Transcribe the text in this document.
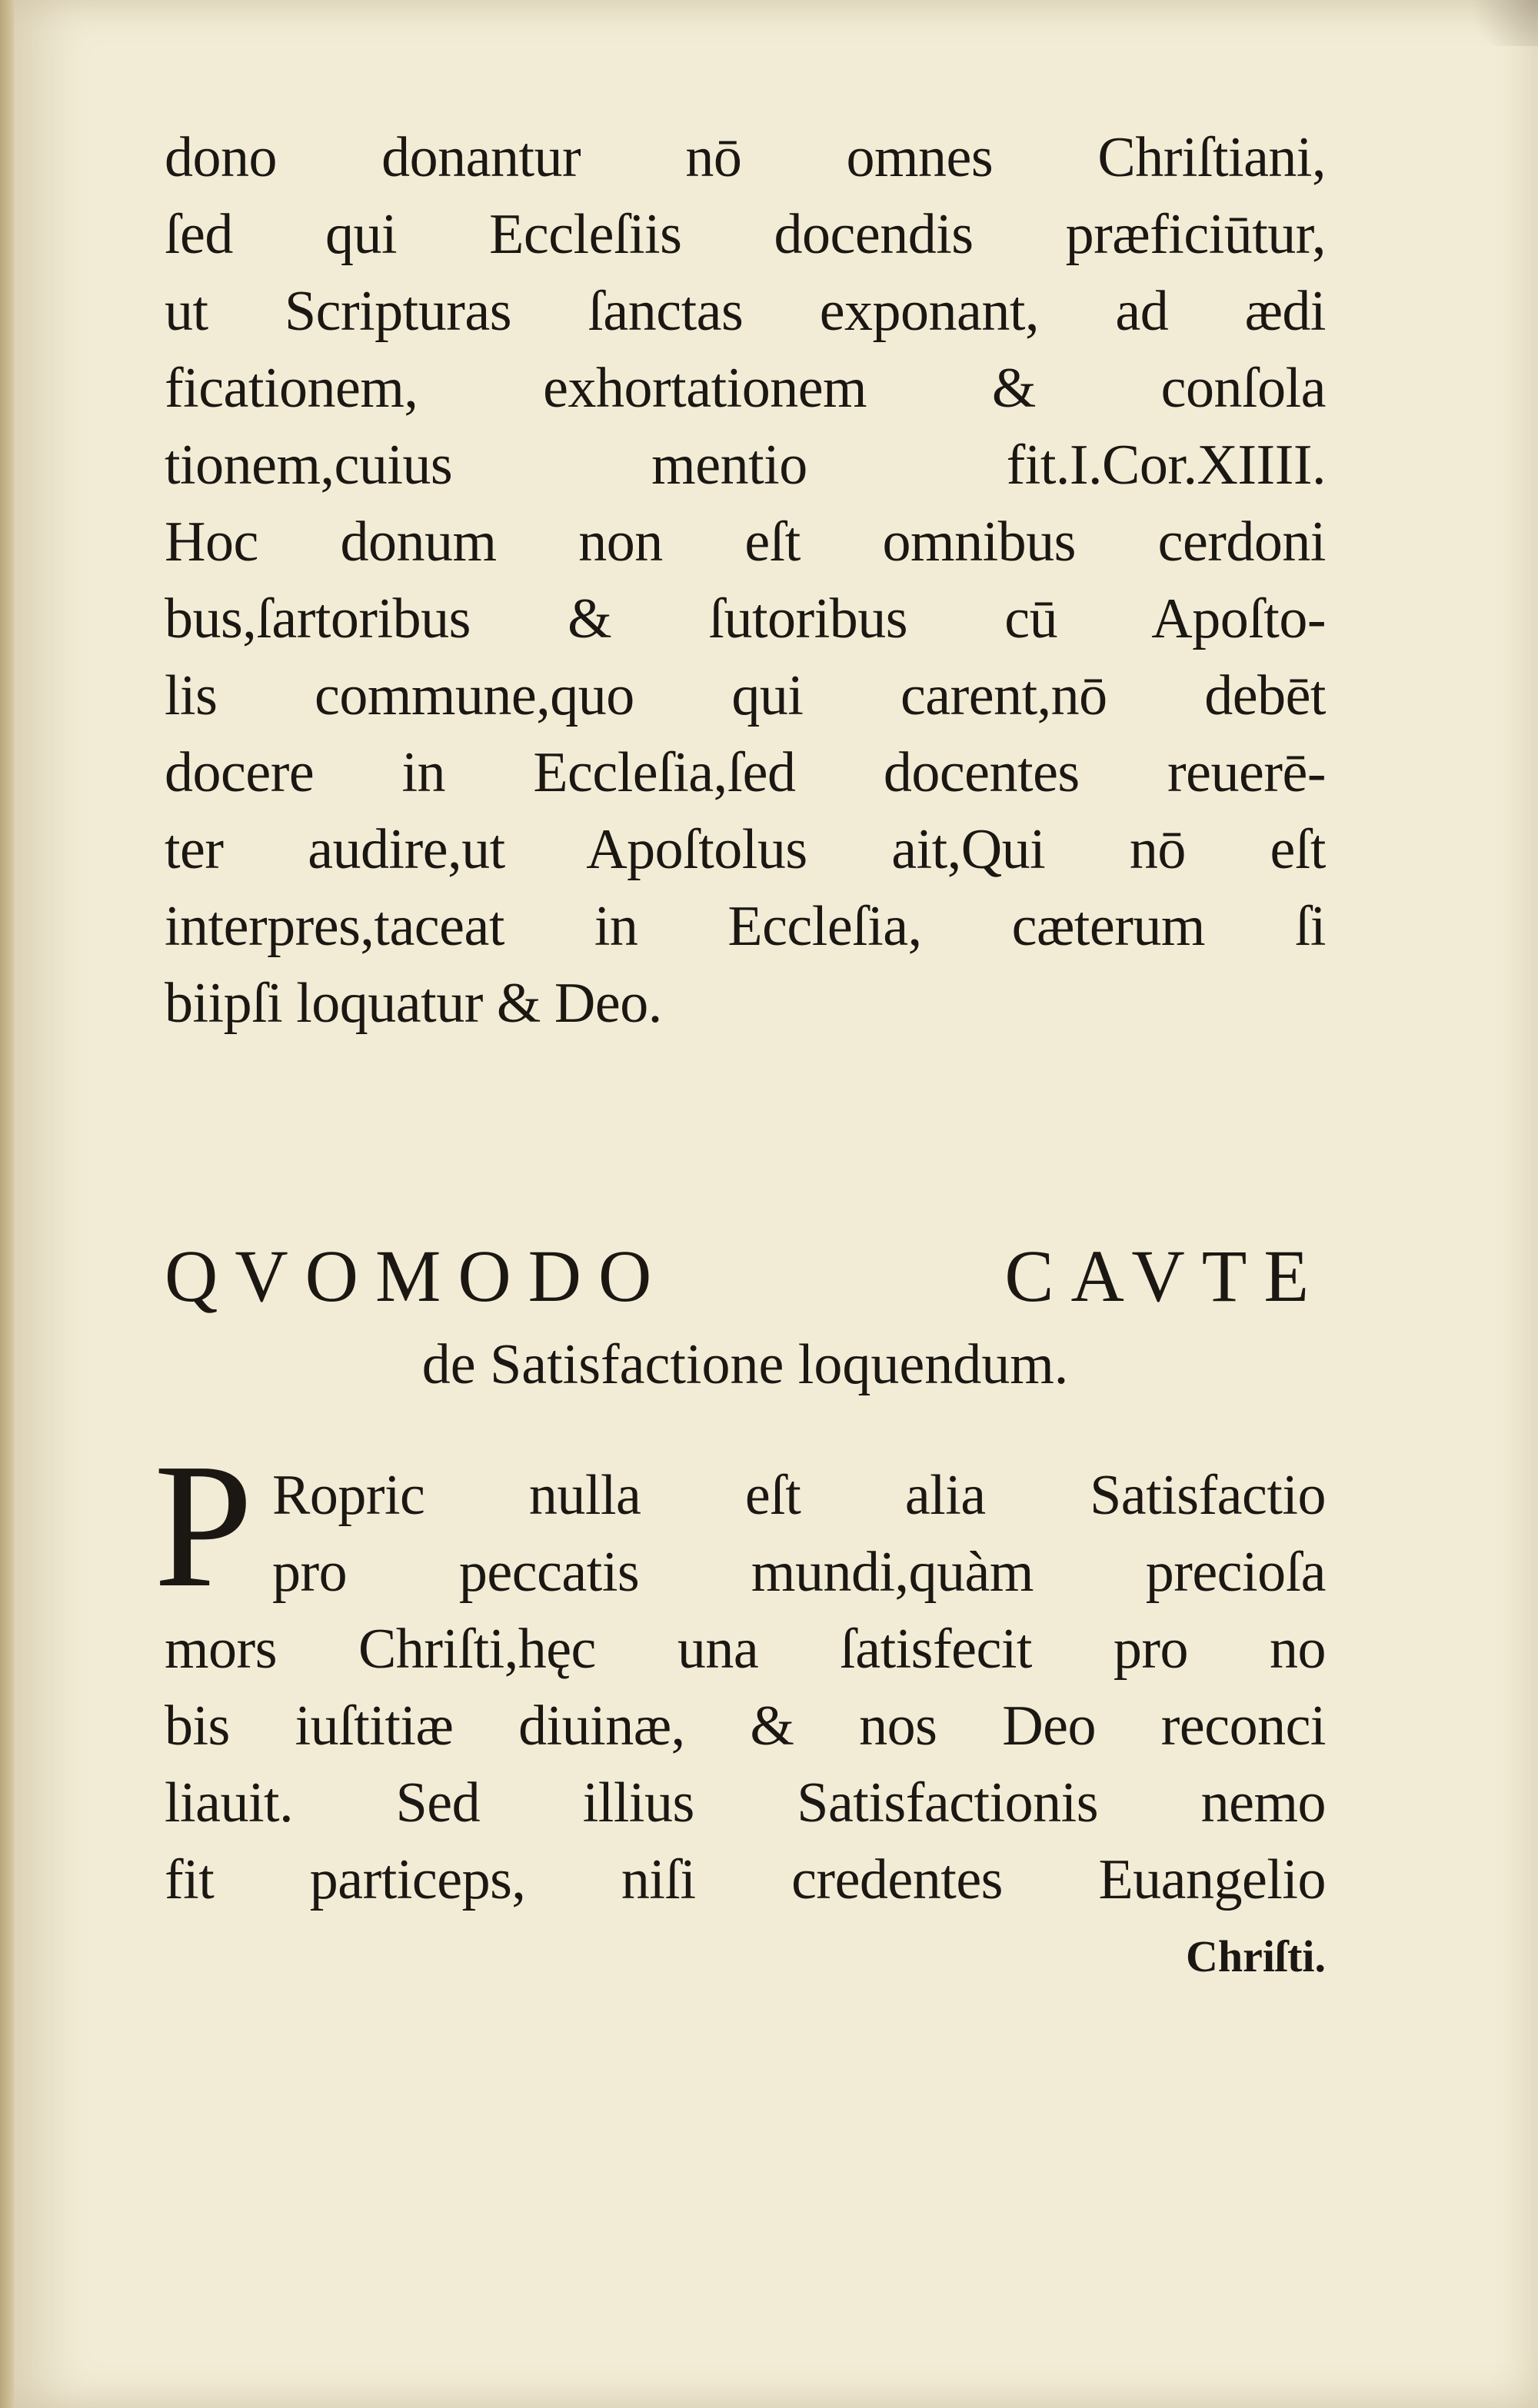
dono donantur nō omnes Chriſtiani,
ſed qui Eccleſiis docendis præficiūtur,
ut Scripturas ſanctas exponant, ad ædi
ficationem, exhortationem & conſola
tionem,cuius mentio fit.I.Cor.XIIII.
Hoc donum non eſt omnibus cerdoni
bus,ſartoribus & ſutoribus cū Apoſto-
lis commune,quo qui carent,nō debēt
docere in Eccleſia,ſed docentes reuerē-
ter audire,ut Apoſtolus ait,Qui nō eſt
interpres,taceat in Eccleſia, cæterum ſi
biipſi loquatur & Deo.
QVOMODO CAVTE
de Satisfactione loquendum.
P Ropric nulla eſt alia Satisfactio
pro peccatis mundi,quàm precioſa
mors Chriſti,hęc una ſatisfecit pro no
bis iuſtitiæ diuinæ, & nos Deo reconci
liauit. Sed illius Satisfactionis nemo
fit particeps, niſi credentes Euangelio
Chriſti.
